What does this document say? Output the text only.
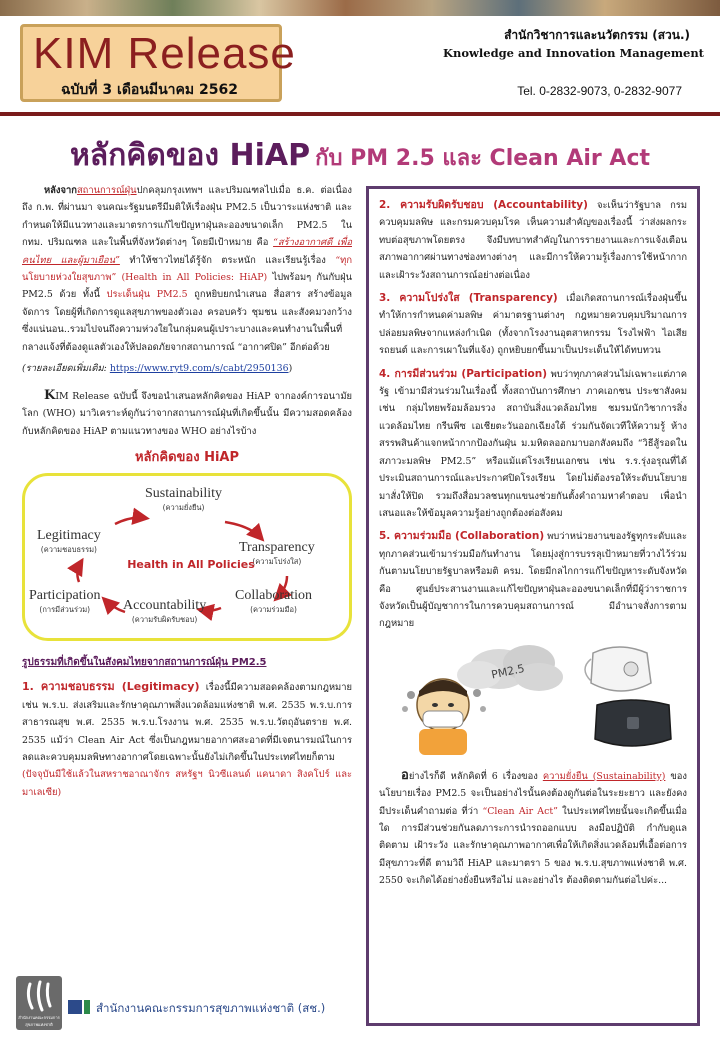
KIM Release
ฉบับที่ 3 เดือนมีนาคม 2562
สำนักวิชาการและนวัตกรรม (สวน.)
Knowledge and Innovation Management
Tel. 0-2832-9073, 0-2832-9077
หลักคิดของ HiAP กับ PM 2.5 และ Clean Air Act

หลังจากสถานการณ์ฝุ่นปกคลุมกรุงเทพฯ และปริมณฑลไปเมื่อ ธ.ค. ต่อเนื่องถึง ก.พ. ที่ผ่านมา จนคณะรัฐมนตรีมีมติให้เรื่องฝุ่น PM2.5 เป็นวาระแห่งชาติ และกำหนดให้มีแนวทางและมาตรการแก้ไขปัญหาฝุ่นละอองขนาดเล็ก PM2.5 ใน กทม. ปริมณฑล และในพื้นที่จังหวัดต่างๆ โดยมีเป้าหมาย คือ “สร้างอากาศดี เพื่อคนไทย และผู้มาเยือน” ทำให้ชาวไทยได้รู้จัก ตระหนัก และเรียนรู้เรื่อง “ทุกนโยบายห่วงใยสุขภาพ” (Health in All Policies: HiAP) ไปพร้อมๆ กันกับฝุ่น PM2.5 ด้วย ทั้งนี้ ประเด็นฝุ่น PM2.5 ถูกหยิบยกนำเสนอ สื่อสาร สร้างข้อมูล จัดการ โดยผู้ที่เกิดการดูแลสุขภาพของตัวเอง ครอบครัว ชุมชน และสังคมวงกว้างซึ่งแน่นอน..รวมไปจนถึงความห่วงใยในกลุ่มคนผู้เปราะบางและคนทำงานในพื้นที่กลางแจ้งที่ต้องดูแลตัวเองให้ปลอดภัยจากสถานการณ์ “อากาศปิด” อีกต่อด้วย

(รายละเอียดเพิ่มเติม: https://www.ryt9.com/s/cabt/2950136)

KIM Release ฉบับนี้ จึงขอนำเสนอหลักคิดของ HiAP จากองค์การอนามัยโลก (WHO) มาวิเคราะห์ดูกันว่าจากสถานการณ์ฝุ่นที่เกิดขึ้นนั้น มีความสอดคล้องกับหลักคิดของ HiAP ตามแนวทางของ WHO อย่างไรบ้าง

หลักคิดของ HiAP
Sustainability
(ความยั่งยืน)
Legitimacy
(ความชอบธรรม)	Transparency
(ความโปร่งใส)
Health in All Policies
Participation
(การมีส่วนร่วม)	Accountability
(ความรับผิดรับชอบ)
Collaboration
(ความร่วมมือ)
รูปธรรมที่เกิดขึ้นในสังคมไทยจากสถานการณ์ฝุ่น PM2.5

1. ความชอบธรรม (Legitimacy) เรื่องนี้มีความสอดคล้องตามกฎหมาย เช่น พ.ร.บ. ส่งเสริมและรักษาคุณภาพสิ่งแวดล้อมแห่งชาติ พ.ศ. 2535 พ.ร.บ.การสาธารณสุข พ.ศ. 2535 พ.ร.บ.โรงงาน พ.ศ. 2535 พ.ร.บ.วัตถุอันตราย พ.ศ. 2535 แม้ว่า Clean Air Act ซึ่งเป็นกฎหมายอากาศสะอาดที่มีเจตนารมณ์ในการลดและควบคุมมลพิษทางอากาศโดยเฉพาะนั้นยังไม่เกิดขึ้นในประเทศไทยก็ตาม (ปัจจุบันมีใช้แล้วในสหราชอาณาจักร สหรัฐฯ นิวซีแลนด์ แคนาดา สิงคโปร์ และมาเลเซีย)

2. ความรับผิดรับชอบ (Accountability) จะเห็นว่ารัฐบาล กรมควบคุมมลพิษ และกรมควบคุมโรค เห็นความสำคัญของเรื่องนี้ ว่าส่งผลกระทบต่อสุขภาพโดยตรง จึงมีบทบาทสำคัญในการรายงานและการแจ้งเตือนสภาพอากาศผ่านทางช่องทางต่างๆ และมีการให้ความรู้เรื่องการใช้หน้ากาก และเฝ้าระวังสถานการณ์อย่างต่อเนื่อง

3. ความโปร่งใส (Transparency) เมื่อเกิดสถานการณ์เรื่องฝุ่นขึ้น ทำให้การกำหนดค่ามลพิษ ค่ามาตรฐานต่างๆ กฎหมายควบคุมปริมาณการปล่อยมลพิษจากแหล่งกำเนิด (ทั้งจากโรงงานอุตสาหกรรม โรงไฟฟ้า ไอเสียรถยนต์ และการเผาในที่แจ้ง) ถูกหยิบยกขึ้นมาเป็นประเด็นให้ได้ทบทวน

4. การมีส่วนร่วม (Participation) พบว่าทุกภาคส่วนไม่เฉพาะแต่ภาครัฐ เข้ามามีส่วนร่วมในเรื่องนี้ ทั้งสถาบันการศึกษา ภาคเอกชน ประชาสังคม เช่น กลุ่มไทยพร้อมล้อมรวง สถาบันสิ่งแวดล้อมไทย ชมรมนักวิชาการสิ่งแวดล้อมไทย กรีนพีซ เอเชียตะวันออกเฉียงใต้ ร่วมกันจัดเวทีให้ความรู้ ห้างสรรพสินค้าแจกหน้ากากป้องกันฝุ่น ม.มหิดลออกมาบอกสังคมถึง “วิธีสู้รอดในสภาวะมลพิษ PM2.5” หรือแม้แต่โรงเรียนเอกชน เช่น ร.ร.รุ่งอรุณที่ได้ประเมินสถานการณ์และประกาศปิดโรงเรียน โดยไม่ต้องรอให้ระดับนโยบายมาสั่งให้ปิด รวมถึงสื่อมวลชนทุกแขนงช่วยกันตั้งคำถามหาคำตอบ เพื่อนำเสนอและให้ข้อมูลความรู้อย่างถูกต้องต่อสังคม

5. ความร่วมมือ (Collaboration) พบว่าหน่วยงานของรัฐทุกระดับและทุกภาคส่วนเข้ามาร่วมมือกันทำงาน โดยมุ่งสู่การบรรลุเป้าหมายที่วางไว้ร่วมกันตามนโยบายรัฐบาลหรือมติ ครม. โดยมีกลไกการแก้ไขปัญหาระดับจังหวัด คือ ศูนย์ประสานงานและแก้ไขปัญหาฝุ่นละอองขนาดเล็กที่มีผู้ว่าราชการจังหวัดเป็นผู้บัญชาการในการควบคุมสถานการณ์ มีอำนาจสั่งการตามกฎหมาย

PM2.5

อย่างไรก็ดี หลักคิดที่ 6 เรื่องของ ความยั่งยืน (Sustainability) ของนโยบายเรื่อง PM2.5 จะเป็นอย่างไรนั้นคงต้องดูกันต่อในระยะยาว และยังคงมีประเด็นคำถามต่อ ที่ว่า “Clean Air Act” ในประเทศไทยนั้นจะเกิดขึ้นเมื่อใด การมีส่วนช่วยกันลดภาระการนำรถออกแบบ ลงมือปฏิบัติ กำกับดูแล ติดตาม เฝ้าระวัง และรักษาคุณภาพอากาศเพื่อให้เกิดสิ่งแวดล้อมที่เอื้อต่อการมีสุขภาวะที่ดี ตามวิถี HiAP และมาตรา 5 ของ พ.ร.บ.สุขภาพแห่งชาติ พ.ศ. 2550 จะเกิดได้อย่างยั่งยืนหรือไม่ และอย่างไร ต้องติดตามกันต่อไปค่ะ...

สำนักงานคณะกรรมการสุขภาพแห่งชาติ
สำนักงานคณะกรรมการสุขภาพแห่งชาติ (สช.)
